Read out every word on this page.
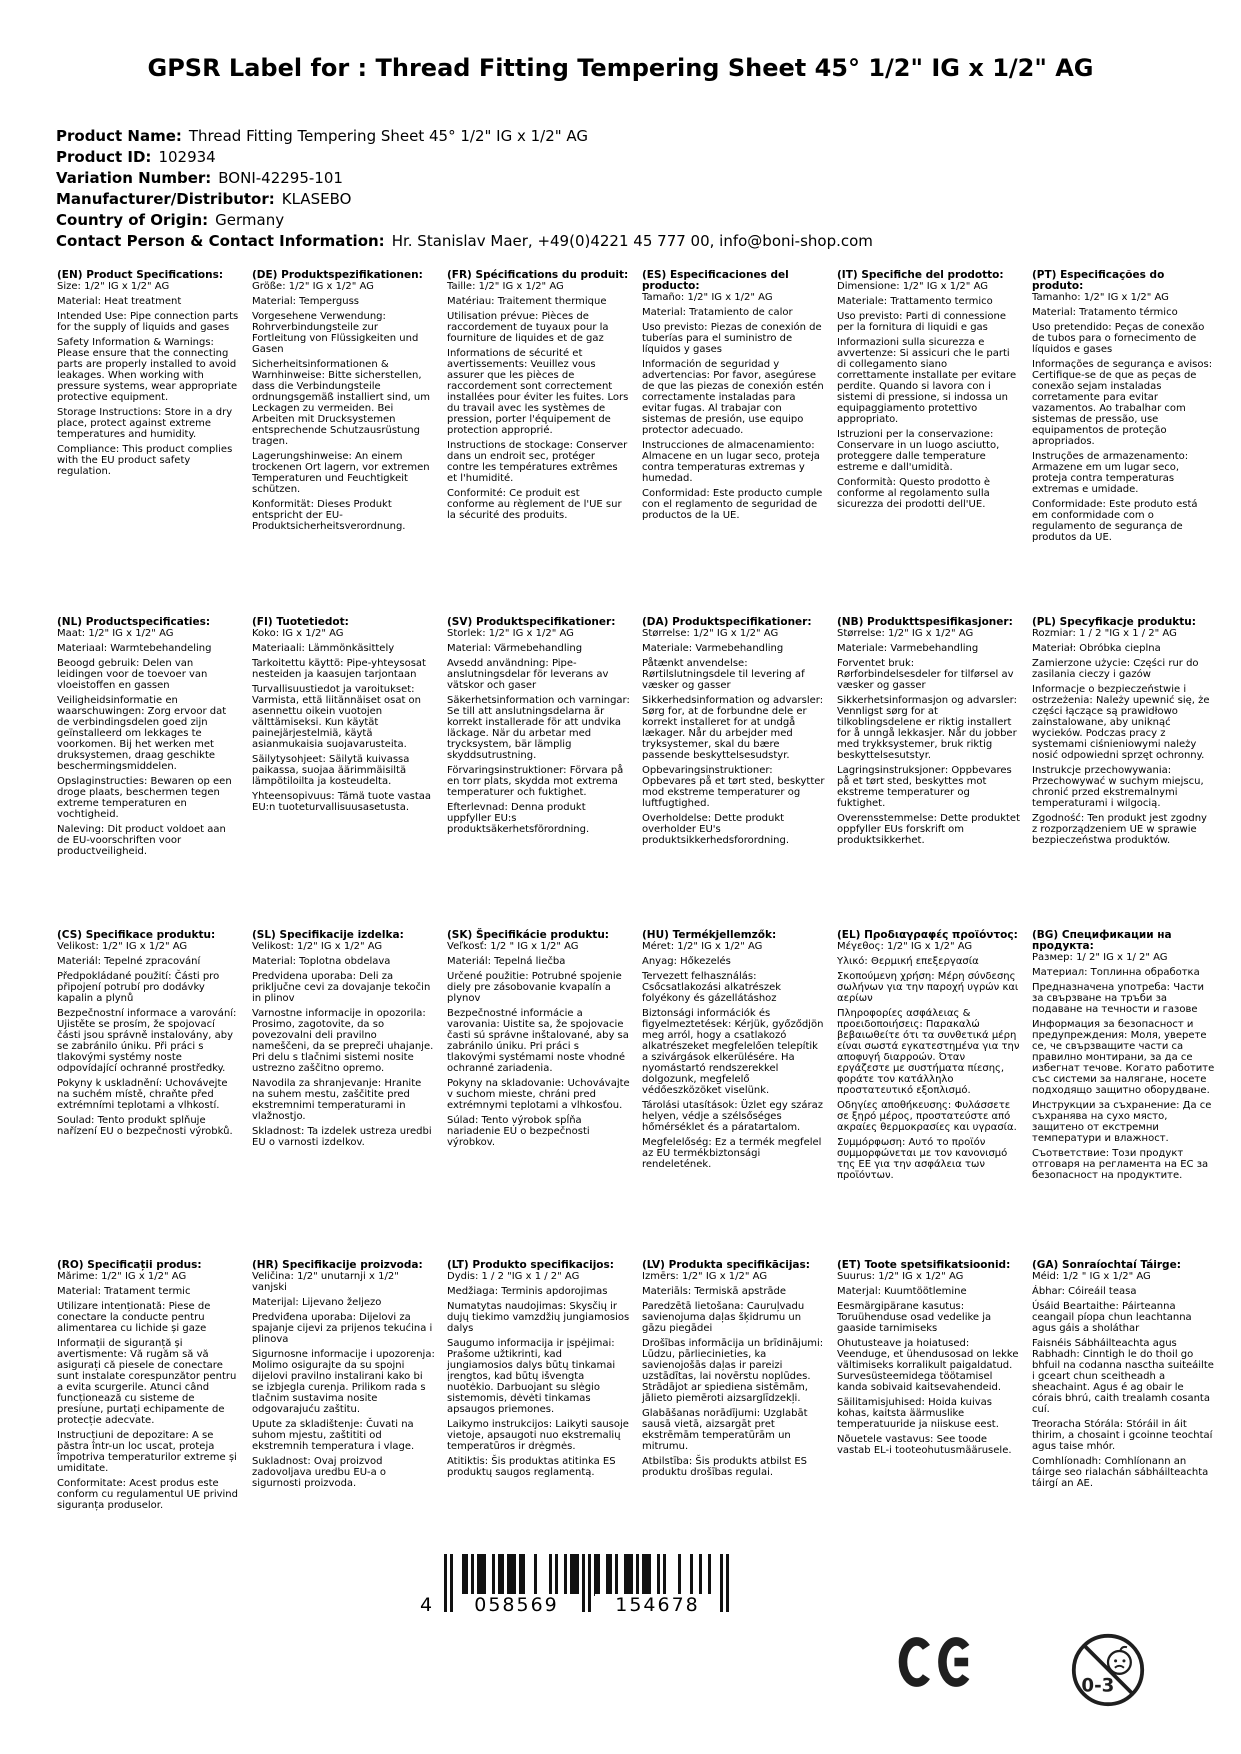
GPSR Label for : Thread Fitting Tempering Sheet 45° 1/2" IG x 1/2" AG
Product Name: Thread Fitting Tempering Sheet 45° 1/2" IG x 1/2" AG
Product ID: 102934
Variation Number: BONI-42295-101
Manufacturer/Distributor: KLASEBO
Country of Origin: Germany
Contact Person & Contact Information: Hr. Stanislav Maer, +49(0)4221 45 777 00, info@boni-shop.com
(EN) Product Specifications:

Size: 1/2" IG x 1/2" AG

Material: Heat treatment

Intended Use: Pipe connection parts for the supply of liquids and gases

Safety Information & Warnings: Please ensure that the connecting parts are properly installed to avoid leakages. When working with pressure systems, wear appropriate protective equipment.

Storage Instructions: Store in a dry place, protect against extreme temperatures and humidity.

Compliance: This product complies with the EU product safety regulation.

(DE) Produktspezifikationen:

Größe: 1/2" IG x 1/2" AG

Material: Temperguss

Vorgesehene Verwendung: Rohrverbindungsteile zur Fortleitung von Flüssigkeiten und Gasen

Sicherheitsinformationen & Warnhinweise: Bitte sicherstellen, dass die Verbindungsteile ordnungsgemäß installiert sind, um Leckagen zu vermeiden. Bei Arbeiten mit Drucksystemen entsprechende Schutzausrüstung tragen.

Lagerungshinweise: An einem trockenen Ort lagern, vor extremen Temperaturen und Feuchtigkeit schützen.

Konformität: Dieses Produkt entspricht der EU-Produktsicherheitsverordnung.

(FR) Spécifications du produit:

Taille: 1/2" IG x 1/2" AG

Matériau: Traitement thermique

Utilisation prévue: Pièces de raccordement de tuyaux pour la fourniture de liquides et de gaz

Informations de sécurité et avertissements: Veuillez vous assurer que les pièces de raccordement sont correctement installées pour éviter les fuites. Lors du travail avec les systèmes de pression, porter l'équipement de protection approprié.

Instructions de stockage: Conserver dans un endroit sec, protéger contre les températures extrêmes et l'humidité.

Conformité: Ce produit est conforme au règlement de l'UE sur la sécurité des produits.

(ES) Especificaciones del producto:

Tamaño: 1/2" IG x 1/2" AG

Material: Tratamiento de calor

Uso previsto: Piezas de conexión de tuberías para el suministro de líquidos y gases

Información de seguridad y advertencias: Por favor, asegúrese de que las piezas de conexión estén correctamente instaladas para evitar fugas. Al trabajar con sistemas de presión, use equipo protector adecuado.

Instrucciones de almacenamiento: Almacene en un lugar seco, proteja contra temperaturas extremas y humedad.

Conformidad: Este producto cumple con el reglamento de seguridad de productos de la UE.

(IT) Specifiche del prodotto:

Dimensione: 1/2" IG x 1/2" AG

Materiale: Trattamento termico

Uso previsto: Parti di connessione per la fornitura di liquidi e gas

Informazioni sulla sicurezza e avvertenze: Si assicuri che le parti di collegamento siano correttamente installate per evitare perdite. Quando si lavora con i sistemi di pressione, si indossa un equipaggiamento protettivo appropriato.

Istruzioni per la conservazione: Conservare in un luogo asciutto, proteggere dalle temperature estreme e dall'umidità.

Conformità: Questo prodotto è conforme al regolamento sulla sicurezza dei prodotti dell'UE.

(PT) Especificações do produto:

Tamanho: 1/2" IG x 1/2" AG

Material: Tratamento térmico

Uso pretendido: Peças de conexão de tubos para o fornecimento de líquidos e gases

Informações de segurança e avisos: Certifique-se de que as peças de conexão sejam instaladas corretamente para evitar vazamentos. Ao trabalhar com sistemas de pressão, use equipamentos de proteção apropriados.

Instruções de armazenamento: Armazene em um lugar seco, proteja contra temperaturas extremas e umidade.

Conformidade: Este produto está em conformidade com o regulamento de segurança de produtos da UE.

(NL) Productspecificaties:

Maat: 1/2" IG x 1/2" AG

Materiaal: Warmtebehandeling

Beoogd gebruik: Delen van leidingen voor de toevoer van vloeistoffen en gassen

Veiligheidsinformatie en waarschuwingen: Zorg ervoor dat de verbindingsdelen goed zijn geïnstalleerd om lekkages te voorkomen. Bij het werken met druksystemen, draag geschikte beschermingsmiddelen.

Opslaginstructies: Bewaren op een droge plaats, beschermen tegen extreme temperaturen en vochtigheid.

Naleving: Dit product voldoet aan de EU-voorschriften voor productveiligheid.

(FI) Tuotetiedot:

Koko: IG x 1/2" AG

Materiaali: Lämmönkäsittely

Tarkoitettu käyttö: Pipe-yhteysosat nesteiden ja kaasujen tarjontaan

Turvallisuustiedot ja varoitukset: Varmista, että liitännäiset osat on asennettu oikein vuotojen välttämiseksi. Kun käytät painejärjestelmiä, käytä asianmukaisia suojavarusteita.

Säilytysohjeet: Säilytä kuivassa paikassa, suojaa äärimmäisiltä lämpötiloilta ja kosteudelta.

Yhteensopivuus: Tämä tuote vastaa EU:n tuoteturvallisuusasetusta.

(SV) Produktspecifikationer:

Storlek: 1/2" IG x 1/2" AG

Material: Värmebehandling

Avsedd användning: Pipe-anslutningsdelar för leverans av vätskor och gaser

Säkerhetsinformation och varningar: Se till att anslutningsdelarna är korrekt installerade för att undvika läckage. När du arbetar med trycksystem, bär lämplig skyddsutrustning.

Förvaringsinstruktioner: Förvara på en torr plats, skydda mot extrema temperaturer och fuktighet.

Efterlevnad: Denna produkt uppfyller EU:s produktsäkerhetsförordning.

(DA) Produktspecifikationer:

Størrelse: 1/2" IG x 1/2" AG

Materiale: Varmebehandling

Påtænkt anvendelse: Rørtilslutningsdele til levering af væsker og gasser

Sikkerhedsinformation og advarsler: Sørg for, at de forbundne dele er korrekt installeret for at undgå lækager. Når du arbejder med tryksystemer, skal du bære passende beskyttelsesudstyr.

Opbevaringsinstruktioner: Opbevares på et tørt sted, beskytter mod ekstreme temperaturer og luftfugtighed.

Overholdelse: Dette produkt overholder EU's produktsikkerhedsforordning.

(NB) Produkttspesifikasjoner:

Størrelse: 1/2" IG x 1/2" AG

Materiale: Varmebehandling

Forventet bruk: Rørforbindelsesdeler for tilførsel av væsker og gasser

Sikkerhetsinformasjon og advarsler: Vennligst sørg for at tilkoblingsdelene er riktig installert for å unngå lekkasjer. Når du jobber med trykksystemer, bruk riktig beskyttelsesutstyr.

Lagringsinstruksjoner: Oppbevares på et tørt sted, beskyttes mot ekstreme temperaturer og fuktighet.

Overensstemmelse: Dette produktet oppfyller EUs forskrift om produktsikkerhet.

(PL) Specyfikacje produktu:

Rozmiar: 1 / 2 "IG x 1 / 2" AG

Materiał: Obróbka cieplna

Zamierzone użycie: Części rur do zasilania cieczy i gazów

Informacje o bezpieczeństwie i ostrzeżenia: Należy upewnić się, że części łączące są prawidłowo zainstalowane, aby uniknąć wycieków. Podczas pracy z systemami ciśnieniowymi należy nosić odpowiedni sprzęt ochronny.

Instrukcje przechowywania: Przechowywać w suchym miejscu, chronić przed ekstremalnymi temperaturami i wilgocią.

Zgodność: Ten produkt jest zgodny z rozporządzeniem UE w sprawie bezpieczeństwa produktów.

(CS) Specifikace produktu:

Velikost: 1/2" IG x 1/2" AG

Materiál: Tepelné zpracování

Předpokládané použití: Části pro připojení potrubí pro dodávky kapalin a plynů

Bezpečnostní informace a varování: Ujistěte se prosím, že spojovací části jsou správně instalovány, aby se zabránilo úniku. Při práci s tlakovými systémy noste odpovídající ochranné prostředky.

Pokyny k uskladnění: Uchovávejte na suchém místě, chraňte před extrémními teplotami a vlhkostí.

Soulad: Tento produkt splňuje nařízení EU o bezpečnosti výrobků.

(SL) Specifikacije izdelka:

Velikost: 1/2" IG x 1/2" AG

Material: Toplotna obdelava

Predvidena uporaba: Deli za priključne cevi za dovajanje tekočin in plinov

Varnostne informacije in opozorila: Prosimo, zagotovite, da so povezovalni deli pravilno nameščeni, da se prepreči uhajanje. Pri delu s tlačnimi sistemi nosite ustrezno zaščitno opremo.

Navodila za shranjevanje: Hranite na suhem mestu, zaščitite pred ekstremnimi temperaturami in vlažnostjo.

Skladnost: Ta izdelek ustreza uredbi EU o varnosti izdelkov.

(SK) Špecifikácie produktu:

Veľkosť: 1/2 " IG x 1/2" AG

Materiál: Tepelná liečba

Určené použitie: Potrubné spojenie diely pre zásobovanie kvapalín a plynov

Bezpečnostné informácie a varovania: Uistite sa, že spojovacie časti sú správne inštalované, aby sa zabránilo úniku. Pri práci s tlakovými systémami noste vhodné ochranné zariadenia.

Pokyny na skladovanie: Uchovávajte v suchom mieste, chráni pred extrémnymi teplotami a vlhkosťou.

Súlad: Tento výrobok spĺňa nariadenie EÚ o bezpečnosti výrobkov.

(HU) Termékjellemzők:

Méret: 1/2" IG x 1/2" AG

Anyag: Hőkezelés

Tervezett felhasználás: Csőcsatlakozási alkatrészek folyékony és gázellátáshoz

Biztonsági információk és figyelmeztetések: Kérjük, győződjön meg arról, hogy a csatlakozó alkatrészeket megfelelően telepítik a szivárgások elkerülésére. Ha nyomástartó rendszerekkel dolgozunk, megfelelő védőeszközöket viselünk.

Tárolási utasítások: Üzlet egy száraz helyen, védje a szélsőséges hőmérséklet és a páratartalom.

Megfelelőség: Ez a termék megfelel az EU termékbiztonsági rendeletének.

(EL) Προδιαγραφές προϊόντος:

Μέγεθος: 1/2" IG x 1/2" AG

Υλικό: Θερμική επεξεργασία

Σκοπούμενη χρήση: Μέρη σύνδεσης σωλήνων για την παροχή υγρών και αερίων

Πληροφορίες ασφάλειας & προειδοποιήσεις: Παρακαλώ βεβαιωθείτε ότι τα συνθετικά μέρη είναι σωστά εγκατεστημένα για την αποφυγή διαρροών. Όταν εργάζεστε με συστήματα πίεσης, φοράτε τον κατάλληλο προστατευτικό εξοπλισμό.

Οδηγίες αποθήκευσης: Φυλάσσετε σε ξηρό μέρος, προστατεύστε από ακραίες θερμοκρασίες και υγρασία.

Συμμόρφωση: Αυτό το προϊόν συμμορφώνεται με τον κανονισμό της ΕΕ για την ασφάλεια των προϊόντων.

(BG) Спецификации на продукта:

Размер: 1/ 2" IG x 1/ 2" AG

Материал: Топлинна обработка

Предназначена употреба: Части за свързване на тръби за подаване на течности и газове

Информация за безопасност и предупреждения: Моля, уверете се, че свързващите части са правилно монтирани, за да се избегнат течове. Когато работите със системи за налягане, носете подходящо защитно оборудване.

Инструкции за съхранение: Да се съхранява на сухо място, защитено от екстремни температури и влажност.

Съответствие: Този продукт отговаря на регламента на ЕС за безопасност на продуктите.

(RO) Specificații produs:

Mărime: 1/2" IG x 1/2" AG

Material: Tratament termic

Utilizare intenționată: Piese de conectare la conducte pentru alimentarea cu lichide și gaze

Informații de siguranță și avertismente: Vă rugăm să vă asigurați că piesele de conectare sunt instalate corespunzător pentru a evita scurgerile. Atunci când funcționează cu sisteme de presiune, purtați echipamente de protecție adecvate.

Instrucțiuni de depozitare: A se păstra într-un loc uscat, proteja împotriva temperaturilor extreme și umiditate.

Conformitate: Acest produs este conform cu regulamentul UE privind siguranța produselor.

(HR) Specifikacije proizvoda:

Veličina: 1/2" unutarnji x 1/2" vanjski

Materijal: Lijevano željezo

Predviđena uporaba: Dijelovi za spajanje cijevi za prijenos tekućina i plinova

Sigurnosne informacije i upozorenja: Molimo osigurajte da su spojni dijelovi pravilno instalirani kako bi se izbjegla curenja. Prilikom rada s tlačnim sustavima nosite odgovarajuću zaštitu.

Upute za skladištenje: Čuvati na suhom mjestu, zaštititi od ekstremnih temperatura i vlage.

Sukladnost: Ovaj proizvod zadovoljava uredbu EU-a o sigurnosti proizvoda.

(LT) Produkto specifikacijos:

Dydis: 1 / 2 "IG x 1 / 2" AG

Medžiaga: Terminis apdorojimas

Numatytas naudojimas: Skysčių ir dujų tiekimo vamzdžių jungiamosios dalys

Saugumo informacija ir įspėjimai: Prašome užtikrinti, kad jungiamosios dalys būtų tinkamai įrengtos, kad būtų išvengta nuotėkio. Darbuojant su slėgio sistemomis, dėvėti tinkamas apsaugos priemones.

Laikymo instrukcijos: Laikyti sausoje vietoje, apsaugoti nuo ekstremalių temperatūros ir drėgmės.

Atitiktis: Šis produktas atitinka ES produktų saugos reglamentą.

(LV) Produkta specifikācijas:

Izmērs: 1/2" IG x 1/2" AG

Materiāls: Termiskā apstrāde

Paredzētā lietošana: Cauruļvadu savienojuma daļas šķidrumu un gāzu piegādei

Drošības informācija un brīdinājumi: Lūdzu, pārliecinieties, ka savienojošās daļas ir pareizi uzstādītas, lai novērstu noplūdes. Strādājot ar spiediena sistēmām, jālieto piemēroti aizsarglīdzekļi.

Glabāšanas norādījumi: Uzglabāt sausā vietā, aizsargāt pret ekstrēmām temperatūrām un mitrumu.

Atbilstība: Šis produkts atbilst ES produktu drošības regulai.

(ET) Toote spetsifikatsioonid:

Suurus: 1/2" IG x 1/2" AG

Materjal: Kuumtöötlemine

Eesmärgipärane kasutus: Toruühenduse osad vedelike ja gaaside tarnimiseks

Ohutusteave ja hoiatused: Veenduge, et ühendusosad on lekke vältimiseks korralikult paigaldatud. Survesüsteemidega töötamisel kanda sobivaid kaitsevahendeid.

Säilitamisjuhised: Hoida kuivas kohas, kaitsta äärmuslike temperatuuride ja niiskuse eest.

Nõuetele vastavus: See toode vastab EL-i tooteohutusmäärusele.

(GA) Sonraíochtaí Táirge:

Méid: 1/2 " IG x 1/2" AG

Ábhar: Cóireáil teasa

Úsáid Beartaithe: Páirteanna ceangail píopa chun leachtanna agus gáis a sholáthar

Faisnéis Sábháilteachta agus Rabhadh: Cinntigh le do thoil go bhfuil na codanna nasctha suiteáilte i gceart chun sceitheadh a sheachaint. Agus é ag obair le córais bhrú, caith trealamh cosanta cuí.

Treoracha Stórála: Stóráil in áit thirim, a chosaint i gcoinne teochtaí agus taise mhór.

Comhlíonadh: Comhlíonann an táirge seo rialachán sábháilteachta táirgí an AE.

4	058569	154678
0-3
